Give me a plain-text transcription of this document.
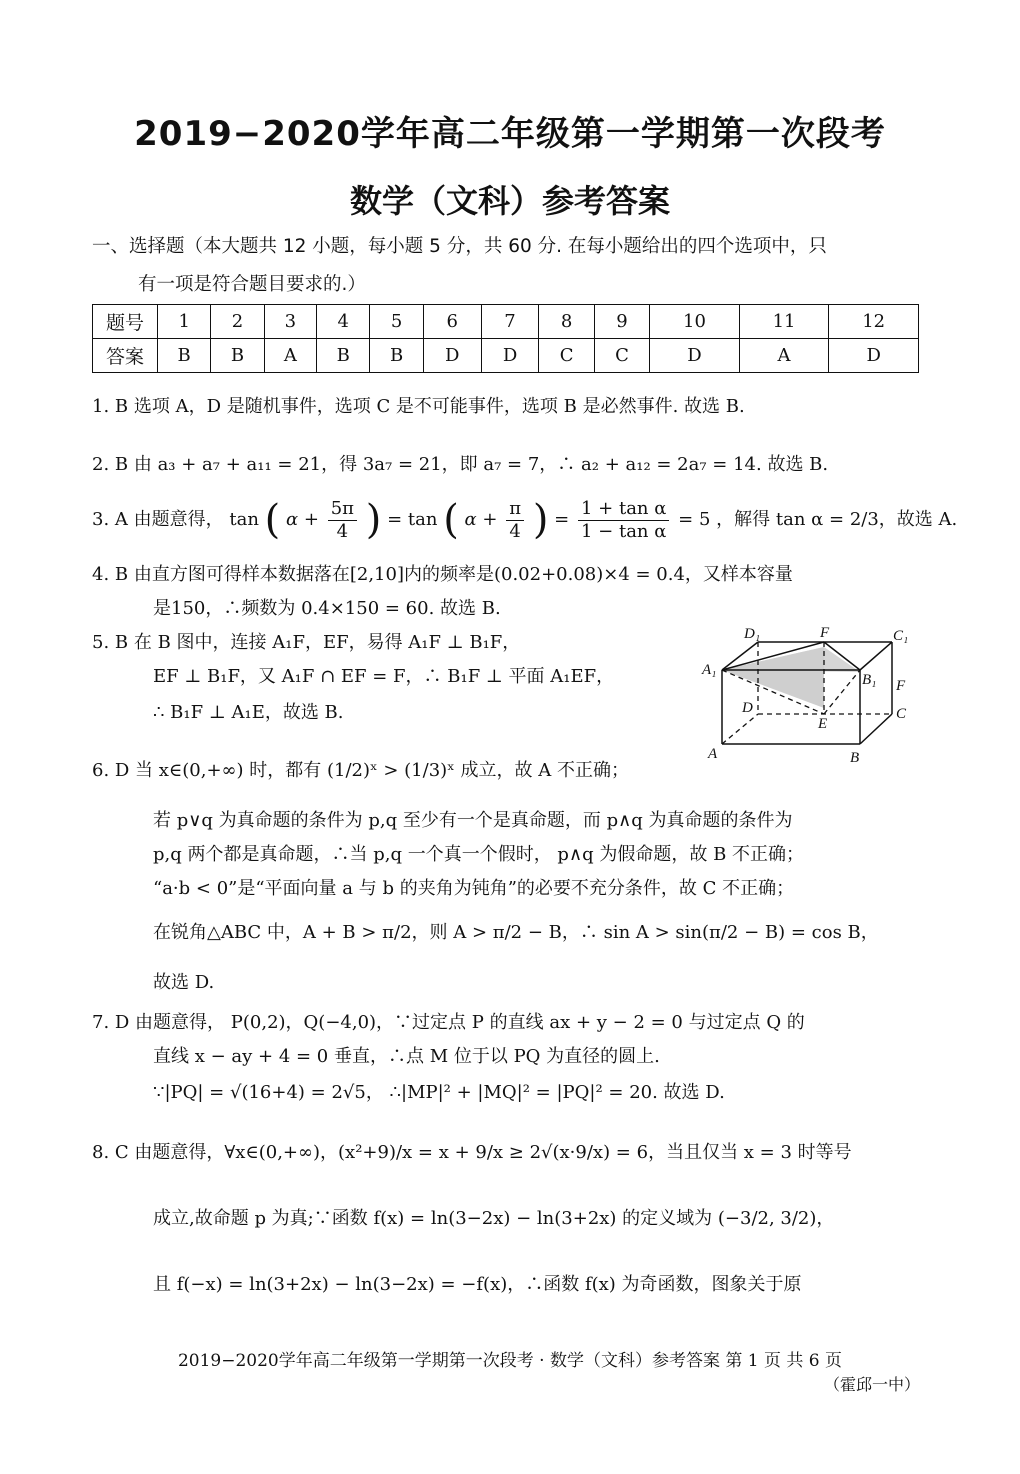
2019−2020学年高二年级第一学期第一次段考
数学（文科）参考答案
一、选择题（本大题共 12 小题，每小题 5 分，共 60 分. 在每小题给出的四个选项中，只
有一项是符合题目要求的.）
题号	1	2	3	4	5	6	7	8	9	10	11	12
答案	B	B	A	B	B	D	D	C	C	D	A	D
1. B 选项 A，D 是随机事件，选项 C 是不可能事件，选项 B 是必然事件. 故选 B.
2. B 由 a₃ + a₇ + a₁₁ = 21，得 3a₇ = 21，即 a₇ = 7，∴ a₂ + a₁₂ = 2a₇ = 14. 故选 B.
3. A 由题意得， tan ( $\alpha + \frac{5\pi}{4}$ ) = tan ( $\alpha + \frac{\pi}{4}$ ) = $\frac{\text{1 + tan α}}{\text{1 − tan α}} = 5$ ，解得 tan α = 2/3，故选 A.
4. B 由直方图可得样本数据落在[2,10]内的频率是(0.02+0.08)×4 = 0.4，又样本容量
是150，∴频数为 0.4×150 = 60. 故选 B.
5. B 在 B 图中，连接 A₁F，EF，易得 A₁F ⊥ B₁F，
EF ⊥ B₁F，又 A₁F ∩ EF = F，∴ B₁F ⊥ 平面 A₁EF，
∴ B₁F ⊥ A₁E，故选 B.
D₁	F	C₁
A₁
B₁ F
D
E
C
A	B
6. D 当 x∈(0,+∞) 时，都有 (1/2)ˣ > (1/3)ˣ 成立，故 A 不正确；
若 p∨q 为真命题的条件为 p,q 至少有一个是真命题，而 p∧q 为真命题的条件为
p,q 两个都是真命题，∴当 p,q 一个真一个假时， p∧q 为假命题，故 B 不正确；
“a·b < 0”是“平面向量 a 与 b 的夹角为钝角”的必要不充分条件，故 C 不正确；
在锐角△ABC 中，A + B > π/2，则 A > π/2 − B，∴ sin A > sin(π/2 − B) = cos B，
故选 D.
7. D 由题意得， P(0,2)，Q(−4,0)，∵过定点 P 的直线 ax + y − 2 = 0 与过定点 Q 的
直线 x − ay + 4 = 0 垂直，∴点 M 位于以 PQ 为直径的圆上.
∵|PQ| = √(16+4) = 2√5， ∴|MP|² + |MQ|² = |PQ|² = 20. 故选 D.
8. C 由题意得，∀x∈(0,+∞)，(x²+9)/x = x + 9/x ≥ 2√(x·9/x) = 6，当且仅当 x = 3 时等号
成立,故命题 p 为真;∵函数 f(x) = ln(3−2x) − ln(3+2x) 的定义域为 (−3/2, 3/2)，
且 f(−x) = ln(3+2x) − ln(3−2x) = −f(x)，∴函数 f(x) 为奇函数，图象关于原
2019−2020学年高二年级第一学期第一次段考 · 数学（文科）参考答案 第 1 页 共 6 页
（霍邱一中）
